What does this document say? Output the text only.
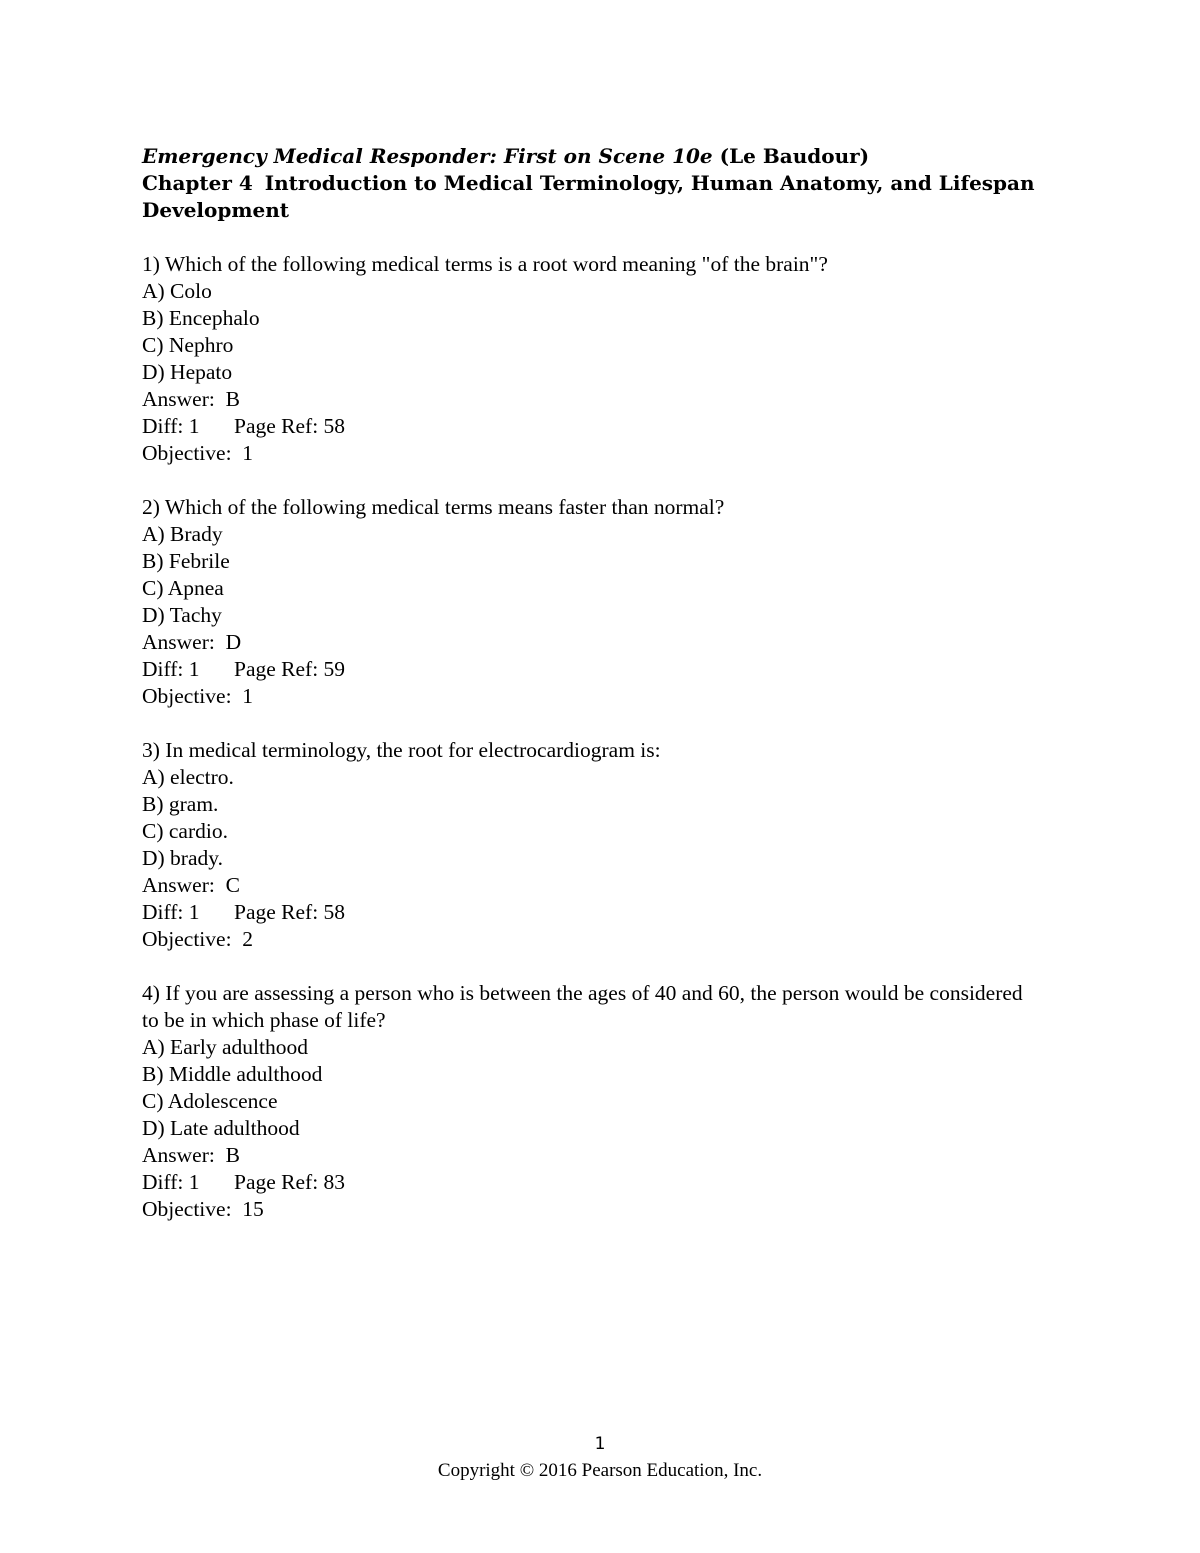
Emergency Medical Responder: First on Scene 10e (Le Baudour)
Chapter 4 Introduction to Medical Terminology, Human Anatomy, and Lifespan Development
1) Which of the following medical terms is a root word meaning "of the brain"?
A) Colo
B) Encephalo
C) Nephro
D) Hepato
Answer:  B
Diff: 1 Page Ref: 58
Objective:  1
2) Which of the following medical terms means faster than normal?
A) Brady
B) Febrile
C) Apnea
D) Tachy
Answer:  D
Diff: 1 Page Ref: 59
Objective:  1
3) In medical terminology, the root for electrocardiogram is:
A) electro.
B) gram.
C) cardio.
D) brady.
Answer:  C
Diff: 1 Page Ref: 58
Objective:  2
4) If you are assessing a person who is between the ages of 40 and 60, the person would be considered to be in which phase of life?
A) Early adulthood
B) Middle adulthood
C) Adolescence
D) Late adulthood
Answer:  B
Diff: 1 Page Ref: 83
Objective:  15
1
Copyright © 2016 Pearson Education, Inc.
